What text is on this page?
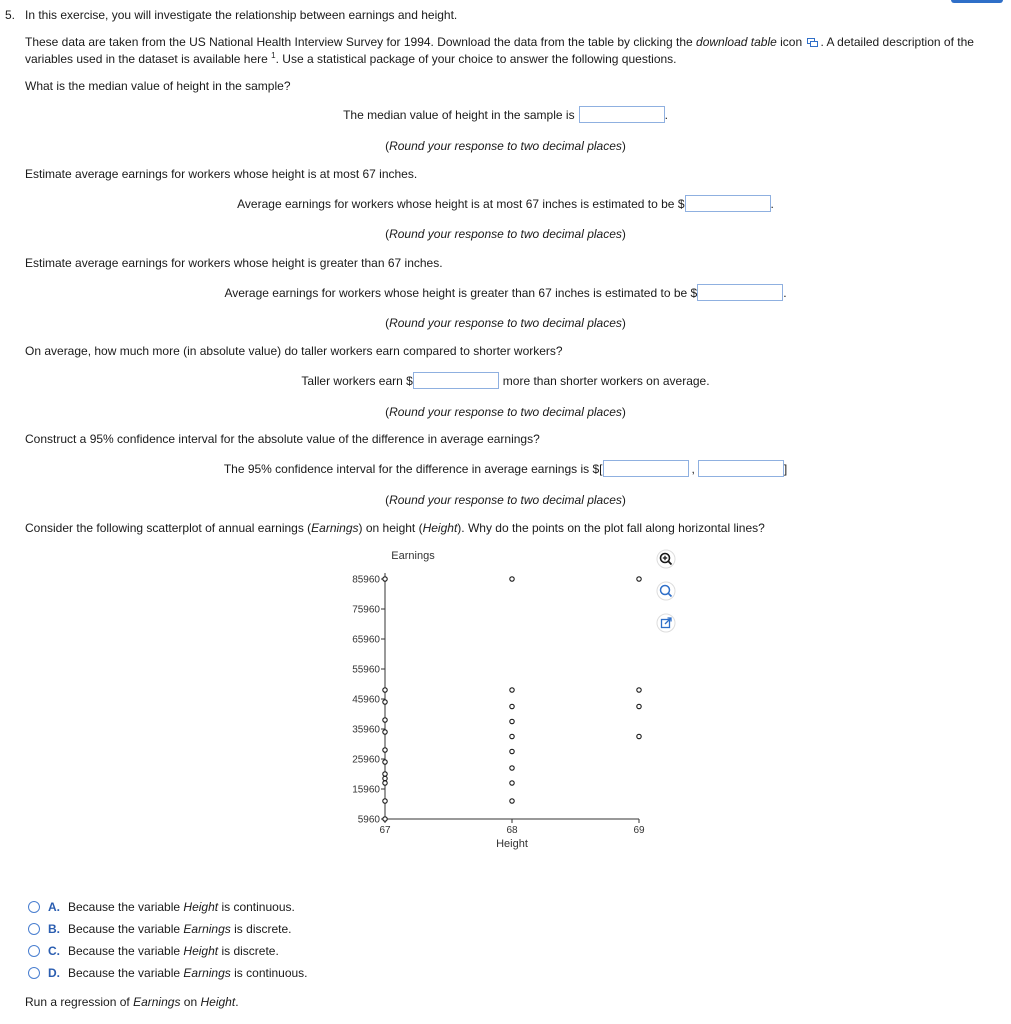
5. In this exercise, you will investigate the relationship between earnings and height.
These data are taken from the US National Health Interview Survey for 1994. Download the data from the table by clicking the download table icon . A detailed description of the
variables used in the dataset is available here $^1$. Use a statistical package of your choice to answer the following questions.
What is the median value of height in the sample?
The median value of height in the sample is	.
( Round your response to two decimal places )
Estimate average earnings for workers whose height is at most 67 inches.
Average earnings for workers whose height is at most 67 inches is estimated to be $	.
( Round your response to two decimal places )
Estimate average earnings for workers whose height is greater than 67 inches.
Average earnings for workers whose height is greater than 67 inches is estimated to be $	.
( Round your response to two decimal places )
On average, how much more (in absolute value) do taller workers earn compared to shorter workers?
Taller workers earn $	more than shorter workers on average.
( Round your response to two decimal places )
Construct a 95% confidence interval for the absolute value of the difference in average earnings?
The 95% confidence interval for the difference in average earnings is $[	,	]
( Round your response to two decimal places )
Consider the following scatterplot of annual earnings (Earnings) on height (Height). Why do the points on the plot fall along horizontal lines?
Earnings
Height
85960
75960
65960
55960
45960
35960
25960
15960
5960
67	68	69
A. Because the variable
Height
is continuous.
B. Because the variable
Earnings
is discrete.
C. Because the variable
Height
is discrete.
D. Because the variable
Earnings
is continuous.
Run a regression of Earnings on Height.
